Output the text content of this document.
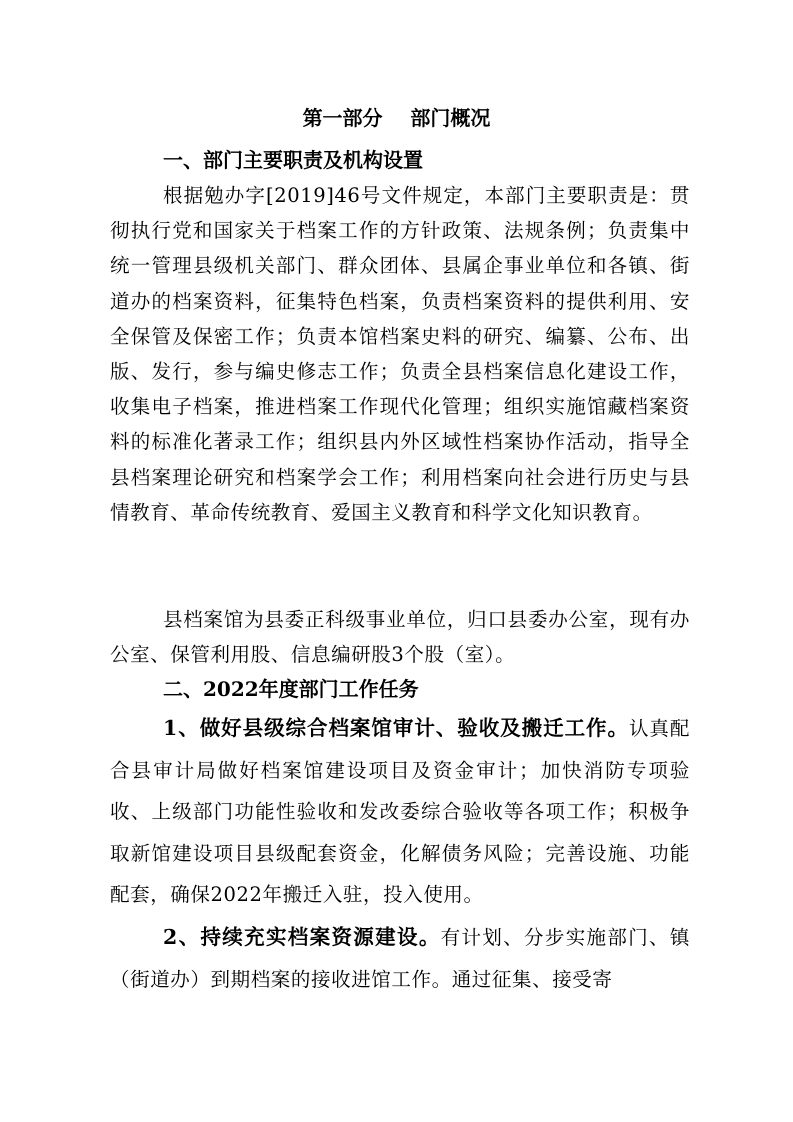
第一部分    部门概况
一、部门主要职责及机构设置

根据勉办字[2019]46号文件规定，本部门主要职责是：贯彻执行党和国家关于档案工作的方针政策、法规条例；负责集中统一管理县级机关部门、群众团体、县属企事业单位和各镇、街道办的档案资料，征集特色档案，负责档案资料的提供利用、安全保管及保密工作；负责本馆档案史料的研究、编纂、公布、出版、发行，参与编史修志工作；负责全县档案信息化建设工作，收集电子档案，推进档案工作现代化管理；组织实施馆藏档案资料的标准化著录工作；组织县内外区域性档案协作活动，指导全县档案理论研究和档案学会工作；利用档案向社会进行历史与县情教育、革命传统教育、爱国主义教育和科学文化知识教育。

县档案馆为县委正科级事业单位，归口县委办公室，现有办公室、保管利用股、信息编研股3个股（室）。

二、2022年度部门工作任务

1、做好县级综合档案馆审计、验收及搬迁工作。认真配合县审计局做好档案馆建设项目及资金审计；加快消防专项验收、上级部门功能性验收和发改委综合验收等各项工作；积极争取新馆建设项目县级配套资金，化解债务风险；完善设施、功能配套，确保2022年搬迁入驻，投入使用。

2、持续充实档案资源建设。有计划、分步实施部门、镇（街道办）到期档案的接收进馆工作。通过征集、接受寄
